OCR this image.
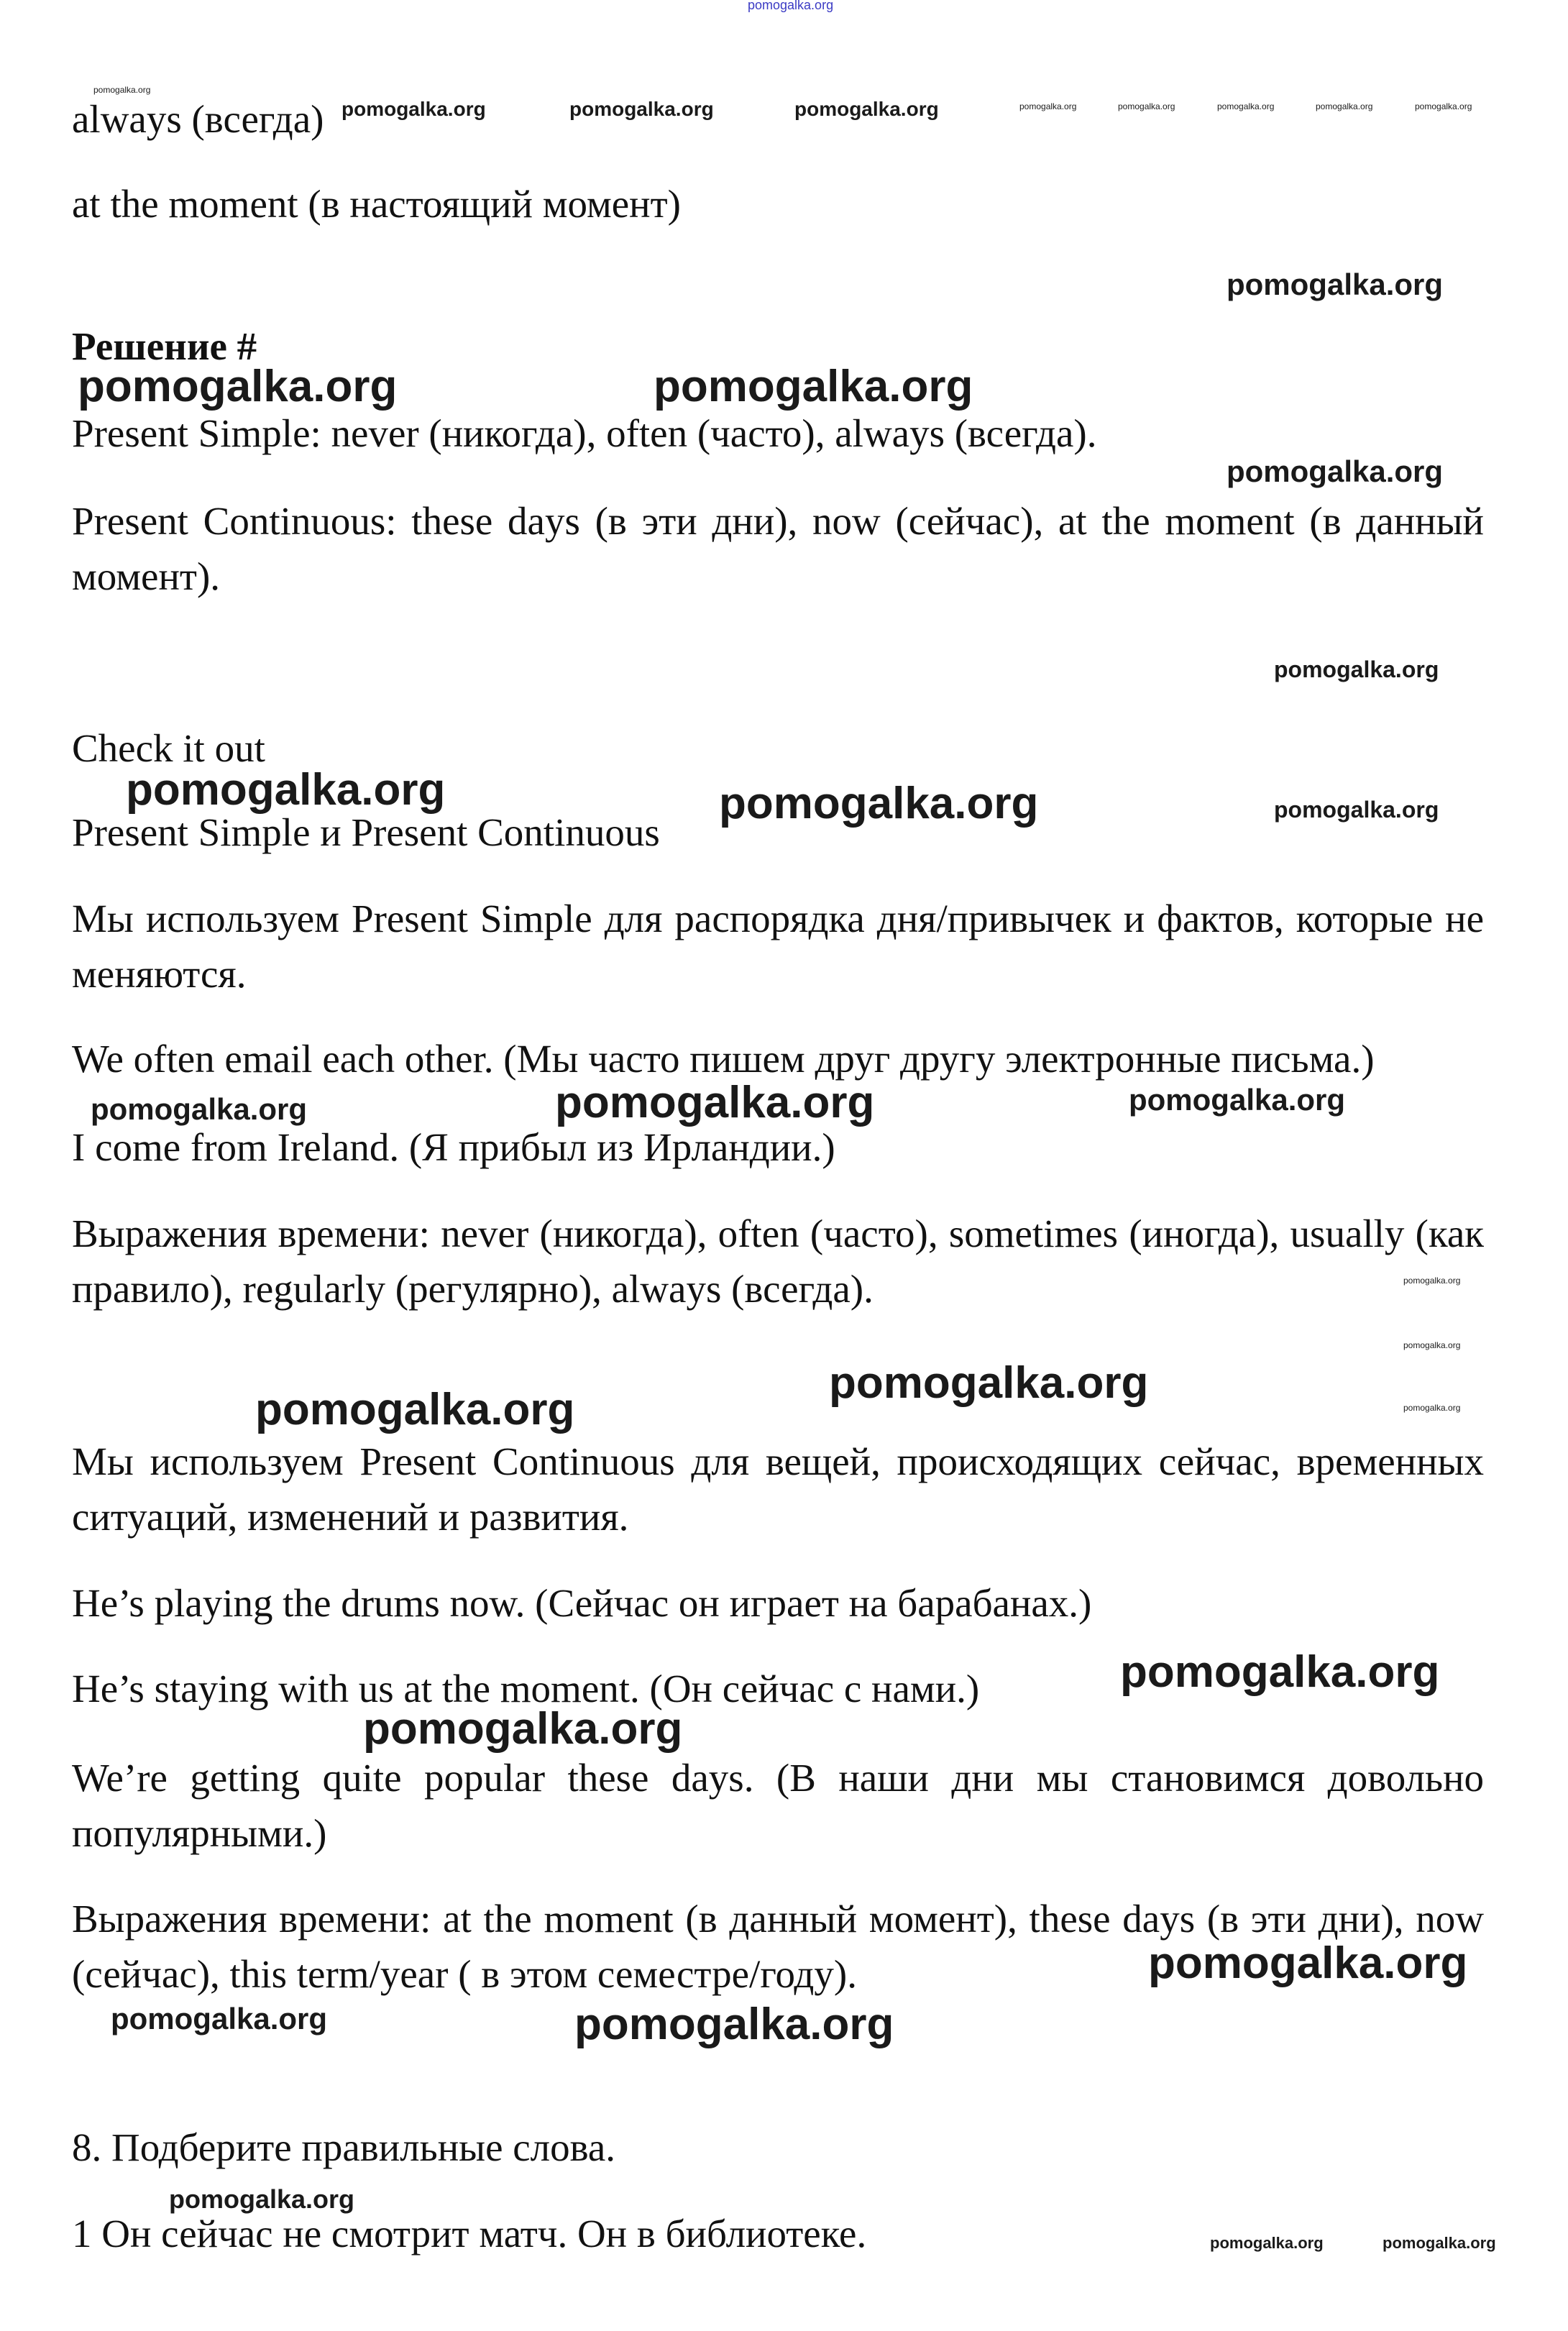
pomogalka.org
always (всегда)
at the moment (в настоящий момент)
Решение #
Present Simple: never (никогда), often (часто), always (всегда).
Present Continuous: these days (в эти дни), now (сейчас), at the moment (в данный момент).
Check it out
Present Simple и Present Continuous
Мы используем Present Simple для распорядка дня/привычек и фактов, которые не меняются.
We often email each other. (Мы часто пишем друг другу электронные письма.)
I come from Ireland. (Я прибыл из Ирландии.)
Выражения времени: never (никогда), often (часто), sometimes (иногда), usually (как правило), regularly (регулярно), always (всегда).
Мы используем Present Continuous для вещей, происходящих сейчас, временных ситуаций, изменений и развития.
He’s playing the drums now. (Сейчас он играет на барабанах.)
He’s staying with us at the moment. (Он сейчас с нами.)
We’re getting quite popular these days. (В наши дни мы становимся довольно популярными.)
Выражения времени: at the moment (в данный момент), these days (в эти дни), now (сейчас), this term/year ( в этом семестре/году).
8. Подберите правильные слова.
1 Он сейчас не смотрит матч. Он в библиотеке.
pomogalka.org
pomogalka.org	pomogalka.org	pomogalka.org	pomogalka.org	pomogalka.org	pomogalka.org	pomogalka.org	pomogalka.org
pomogalka.org
pomogalka.org	pomogalka.org
pomogalka.org
pomogalka.org
pomogalka.org	pomogalka.org	pomogalka.org
pomogalka.org	pomogalka.org	pomogalka.org
pomogalka.org
pomogalka.org
pomogalka.org
pomogalka.org	pomogalka.org
pomogalka.org
pomogalka.org
pomogalka.org
pomogalka.org	pomogalka.org
pomogalka.org
pomogalka.org	pomogalka.org
